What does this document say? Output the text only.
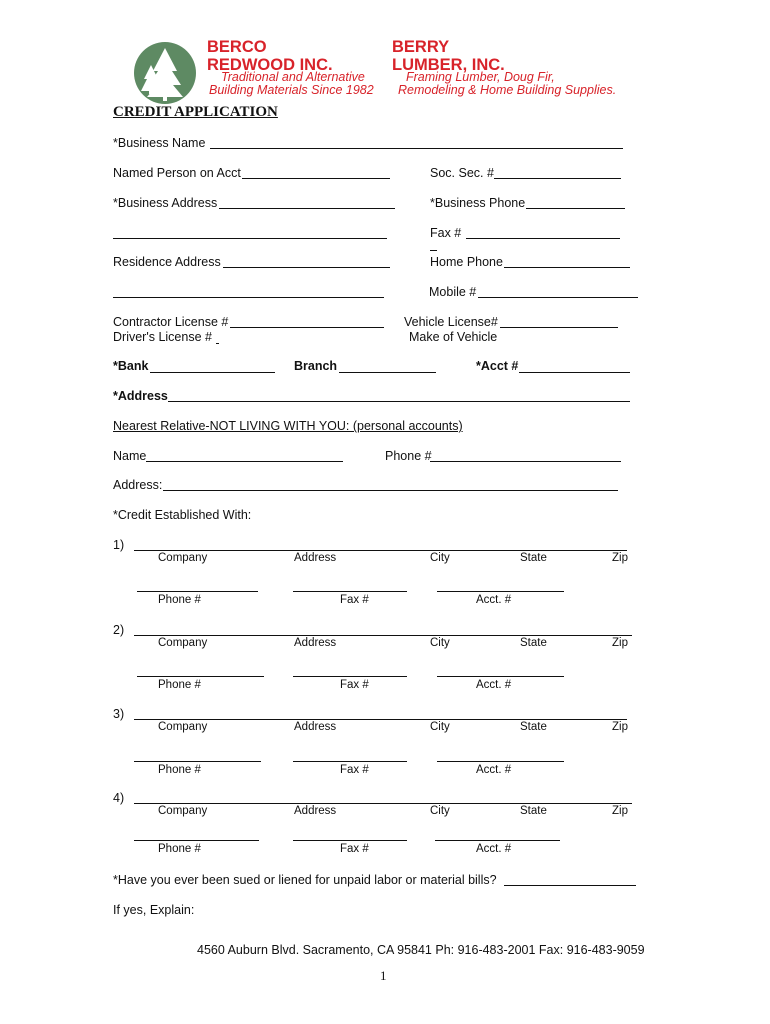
BERCO
REDWOOD INC.
Traditional and Alternative
Building Materials Since 1982
BERRY
LUMBER, INC.
Framing Lumber, Doug Fir,
Remodeling & Home Building Supplies.
CREDIT APPLICATION
*Business Name
Named Person on Acct	Soc. Sec. #
*Business Address	*Business Phone
Fax #
Residence Address	Home Phone
Mobile #
Contractor License #	Vehicle License#
Driver's License #	Make of Vehicle
*Bank	Branch	*Acct #
*Address
Nearest Relative-NOT LIVING WITH YOU: (personal accounts)
Name	Phone #
Address:
*Credit Established With:
1)
Company	Address	City	State	Zip
Phone #	Fax #	Acct. #
2)
Company	Address	City	State	Zip
Phone #	Fax #	Acct. #
3)
Company	Address	City	State	Zip
Phone #	Fax #	Acct. #
4)
Company	Address	City	State	Zip
Phone #	Fax #	Acct. #
*Have you ever been sued or liened for unpaid labor or material bills?
If yes, Explain:
4560 Auburn Blvd. Sacramento, CA 95841 Ph: 916-483-2001 Fax: 916-483-9059
1
